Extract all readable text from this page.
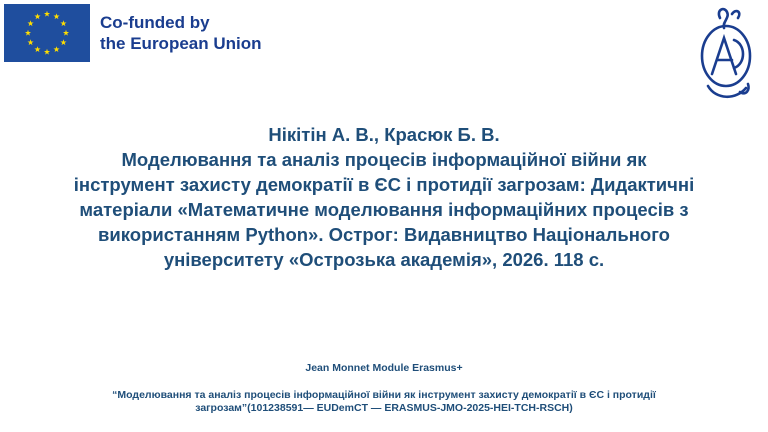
Co-funded by
the European Union
Нікітін А. В., Красюк Б. В.
Моделювання та аналіз процесів інформаційної війни як
інструмент захисту демократії в ЄС і протидії загрозам: Дидактичні
матеріали «Математичне моделювання інформаційних процесів з
використанням Python». Острог: Видавництво Національного
університету «Острозька академія», 2026. 118 с.
Jean Monnet Module Erasmus+
“Моделювання та аналіз процесів інформаційної війни як інструмент захисту демократії в ЄС і протидії
загрозам”(101238591— EUDemCT — ERASMUS-JMO-2025-HEI-TCH-RSCH)
